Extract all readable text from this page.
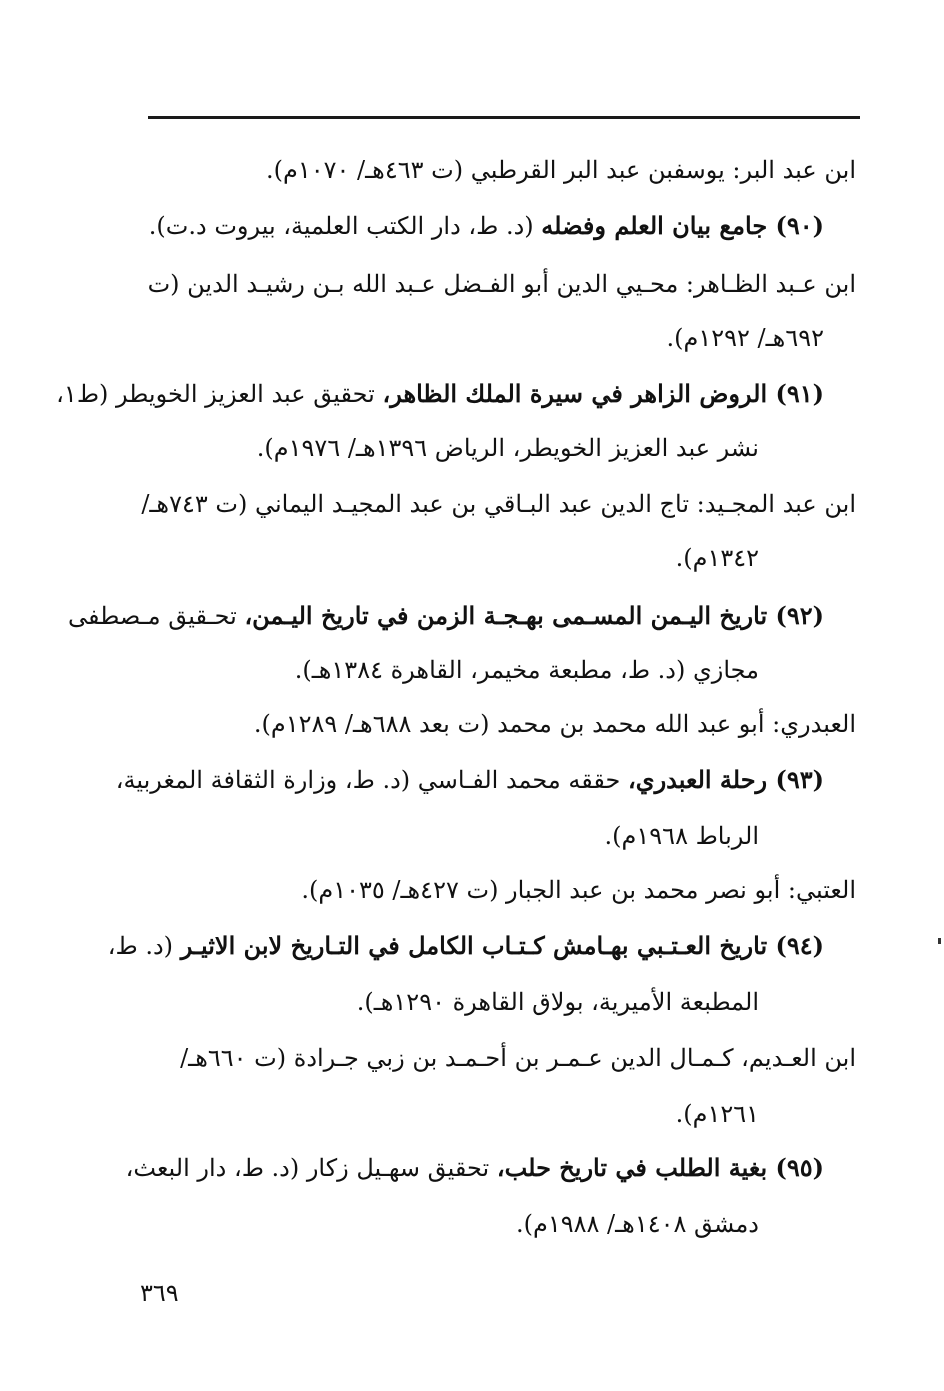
ابن عبد البر: يوسفبن عبد البر القرطبي (ت ٤٦٣هـ/ ١٠٧٠م).
(٩٠) جامع بيان العلم وفضله (د. ط، دار الكتب العلمية، بيروت د.ت).
ابن عـبد الظـاهر: محـيي الدين أبو الفـضل عـبد الله بـن رشيـد الدين (ت
٦٩٢هـ/ ١٢٩٢م).
(٩١) الروض الزاهر في سيرة الملك الظاهر، تحقيق عبد العزيز الخويطر (ط١،
نشر عبد العزيز الخويطر، الرياض ١٣٩٦هـ/ ١٩٧٦م).
ابن عبد المجـيد: تاج الدين عبد البـاقي بن عبد المجيـد اليماني (ت ٧٤٣هـ/
١٣٤٢م).
(٩٢) تاريخ اليـمن المسـمى بهـجـة الزمن في تاريخ اليـمن، تحـقيق مـصطفى
مجازي (د. ط، مطبعة مخيمر، القاهرة ١٣٨٤هـ).
العبدري: أبو عبد الله محمد بن محمد (ت بعد ٦٨٨هـ/ ١٢٨٩م).
(٩٣) رحلة العبدري، حققه محمد الفـاسي (د. ط، وزارة الثقافة المغربية،
الرباط ١٩٦٨م).
العتبي: أبو نصر محمد بن عبد الجبار (ت ٤٢٧هـ/ ١٠٣٥م).
(٩٤) تاريخ العـتـبي بهـامش كـتـاب الكامل في التـاريخ لابن الاثيـر (د. ط،
المطبعة الأميرية، بولاق القاهرة ١٢٩٠هـ).
ابن العـديم، كـمـال الدين عـمـر بن أحـمـد بن زبي جـرادة (ت ٦٦٠هـ/
١٢٦١م).
(٩٥) بغية الطلب في تاريخ حلب، تحقيق سهـيل زكار (د. ط، دار البعث،
دمشق ١٤٠٨هـ/ ١٩٨٨م).
٣٦٩
